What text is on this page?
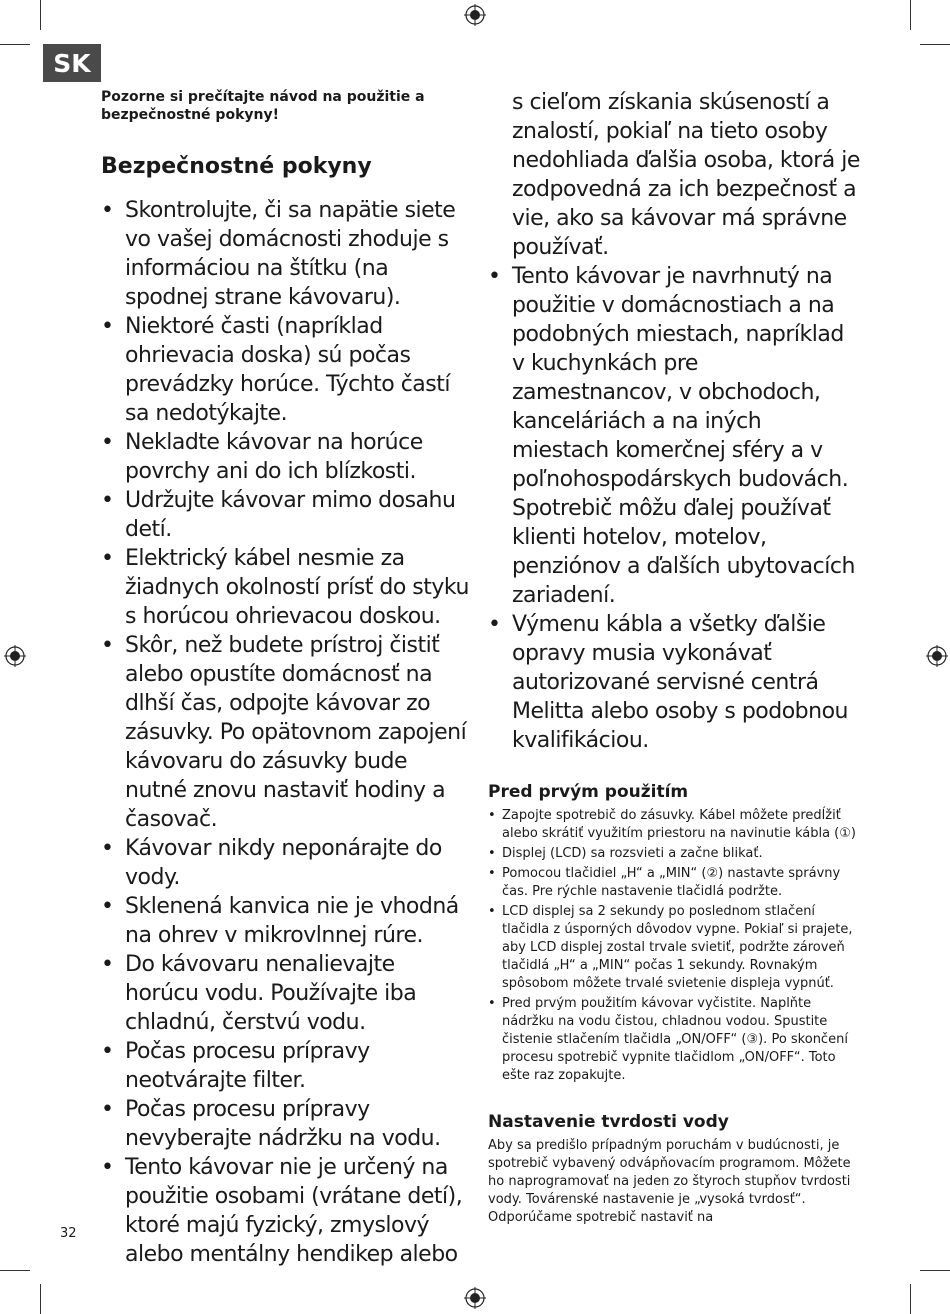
SK

Pozorne si prečítajte návod na použitie a bezpečnostné pokyny!

Bezpečnostné pokyny
• Skontrolujte, či sa napätie siete vo vašej domácnosti zhoduje s informáciou na štítku (na spodnej strane kávovaru).
• Niektoré časti (napríklad ohrievacia doska) sú počas prevádzky horúce. Týchto častí sa nedotýkajte.
• Nekladte kávovar na horúce povrchy ani do ich blízkosti.
• Udržujte kávovar mimo dosahu detí.
• Elektrický kábel nesmie za žiadnych okolností prísť do styku s horúcou ohrievacou doskou.
• Skôr, než budete prístroj čistiť alebo opustíte domácnosť na dlhší čas, odpojte kávovar zo zásuvky. Po opätovnom zapojení kávovaru do zásuvky bude nutné znovu nastaviť hodiny a časovač.
• Kávovar nikdy neponárajte do vody.
• Sklenená kanvica nie je vhodná na ohrev v mikrovlnnej rúre.
• Do kávovaru nenalievajte horúcu vodu. Používajte iba chladnú, čerstvú vodu.
• Počas procesu prípravy neotvárajte filter.
• Počas procesu prípravy nevyberajte nádržku na vodu.
• Tento kávovar nie je určený na použitie osobami (vrátane detí), ktoré majú fyzický, zmyslový alebo mentálny hendikep alebo
s cieľom získania skúseností a znalostí, pokiaľ na tieto osoby nedohliada ďalšia osoba, ktorá je zodpovedná za ich bezpečnosť a vie, ako sa kávovar má správne používať.
• Tento kávovar je navrhnutý na použitie v domácnostiach a na podobných miestach, napríklad v kuchynkách pre zamestnancov, v obchodoch, kanceláriách a na iných miestach komerčnej sféry a v poľnohospodárskych budovách. Spotrebič môžu ďalej používať klienti hotelov, motelov, penziónov a ďalších ubytovacích zariadení.
• Výmenu kábla a všetky ďalšie opravy musia vykonávať autorizované servisné centrá Melitta alebo osoby s podobnou kvalifikáciou.
Pred prvým použitím
• Zapojte spotrebič do zásuvky. Kábel môžete predĺžiť alebo skrátiť využitím priestoru na navinutie kábla (①)
• Displej (LCD) sa rozsvieti a začne blikať.
• Pomocou tlačidiel „H“ a „MIN“ (②) nastavte správny čas. Pre rýchle nastavenie tlačidlá podržte.
• LCD displej sa 2 sekundy po poslednom stlačení tlačidla z úsporných dôvodov vypne. Pokiaľ si prajete, aby LCD displej zostal trvale svietiť, podržte zároveň tlačidlá „H“ a „MIN“ počas 1 sekundy. Rovnakým spôsobom môžete trvalé svietenie displeja vypnúť.
• Pred prvým použitím kávovar vyčistite. Naplňte nádržku na vodu čistou, chladnou vodou. Spustite čistenie stlačením tlačidla „ON/OFF“ (③). Po skončení procesu spotrebič vypnite tlačidlom „ON/OFF“. Toto ešte raz zopakujte.
Nastavenie tvrdosti vody

Aby sa predišlo prípadným poruchám v budúcnosti, je spotrebič vybavený odvápňovacím programom. Môžete ho naprogramovať na jeden zo štyroch stupňov tvrdosti vody. Továrenské nastavenie je „vysoká tvrdosť“. Odporúčame spotrebič nastaviť na

32
